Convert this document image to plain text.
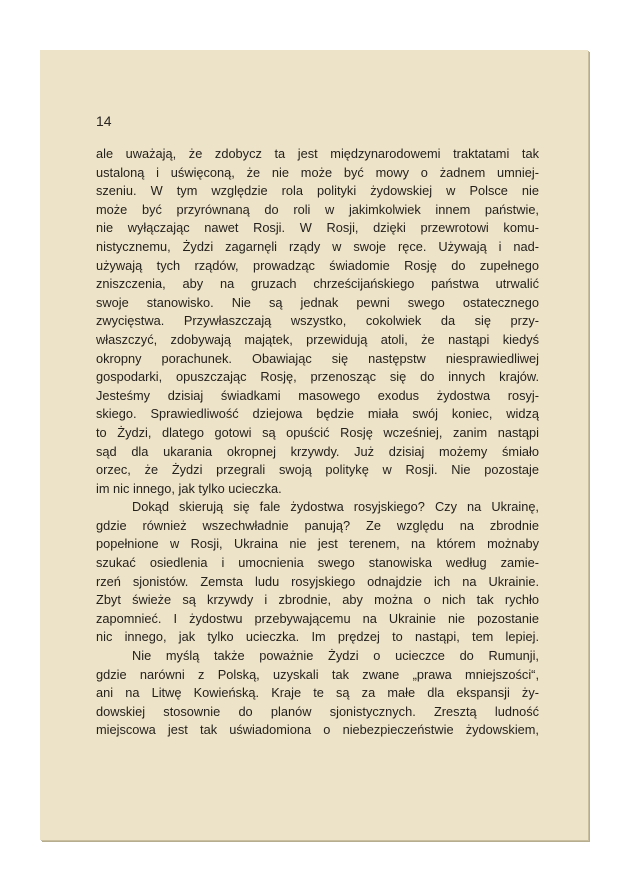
14
ale uważają, że zdobycz ta jest międzynarodowemi traktatami tak
ustaloną i uświęconą, że nie może być mowy o żadnem umniej-
szeniu. W tym względzie rola polityki żydowskiej w Polsce nie
może być przyrównaną do roli w jakimkolwiek innem państwie,
nie wyłączając nawet Rosji. W Rosji, dzięki przewrotowi komu-
nistycznemu, Żydzi zagarnęli rządy w swoje ręce. Używają i nad-
używają tych rządów, prowadząc świadomie Rosję do zupełnego
zniszczenia, aby na gruzach chrześcijańskiego państwa utrwalić
swoje stanowisko. Nie są jednak pewni swego ostatecznego
zwycięstwa. Przywłaszczają wszystko, cokolwiek da się przy-
właszczyć, zdobywają majątek, przewidują atoli, że nastąpi kiedyś
okropny porachunek. Obawiając się następstw niesprawiedliwej
gospodarki, opuszczając Rosję, przenosząc się do innych krajów.
Jesteśmy dzisiaj świadkami masowego exodus żydostwa rosyj-
skiego. Sprawiedliwość dziejowa będzie miała swój koniec, widzą
to Żydzi, dlatego gotowi są opuścić Rosję wcześniej, zanim nastąpi
sąd dla ukarania okropnej krzywdy. Już dzisiaj możemy śmiało
orzec, że Żydzi przegrali swoją politykę w Rosji. Nie pozostaje
im nic innego, jak tylko ucieczka.
Dokąd skierują się fale żydostwa rosyjskiego? Czy na Ukrainę,
gdzie również wszechwładnie panują? Ze względu na zbrodnie
popełnione w Rosji, Ukraina nie jest terenem, na którem możnaby
szukać osiedlenia i umocnienia swego stanowiska według zamie-
rzeń sjonistów. Zemsta ludu rosyjskiego odnajdzie ich na Ukrainie.
Zbyt świeże są krzywdy i zbrodnie, aby można o nich tak rychło
zapomnieć. I żydostwu przebywającemu na Ukrainie nie pozostanie
nic innego, jak tylko ucieczka. Im prędzej to nastąpi, tem lepiej.
Nie myślą także poważnie Żydzi o ucieczce do Rumunji,
gdzie narówni z Polską, uzyskali tak zwane „prawa mniejszości“,
ani na Litwę Kowieńską. Kraje te są za małe dla ekspansji ży-
dowskiej stosownie do planów sjonistycznych. Zresztą ludność
miejscowa jest tak uświadomiona o niebezpieczeństwie żydowskiem,
